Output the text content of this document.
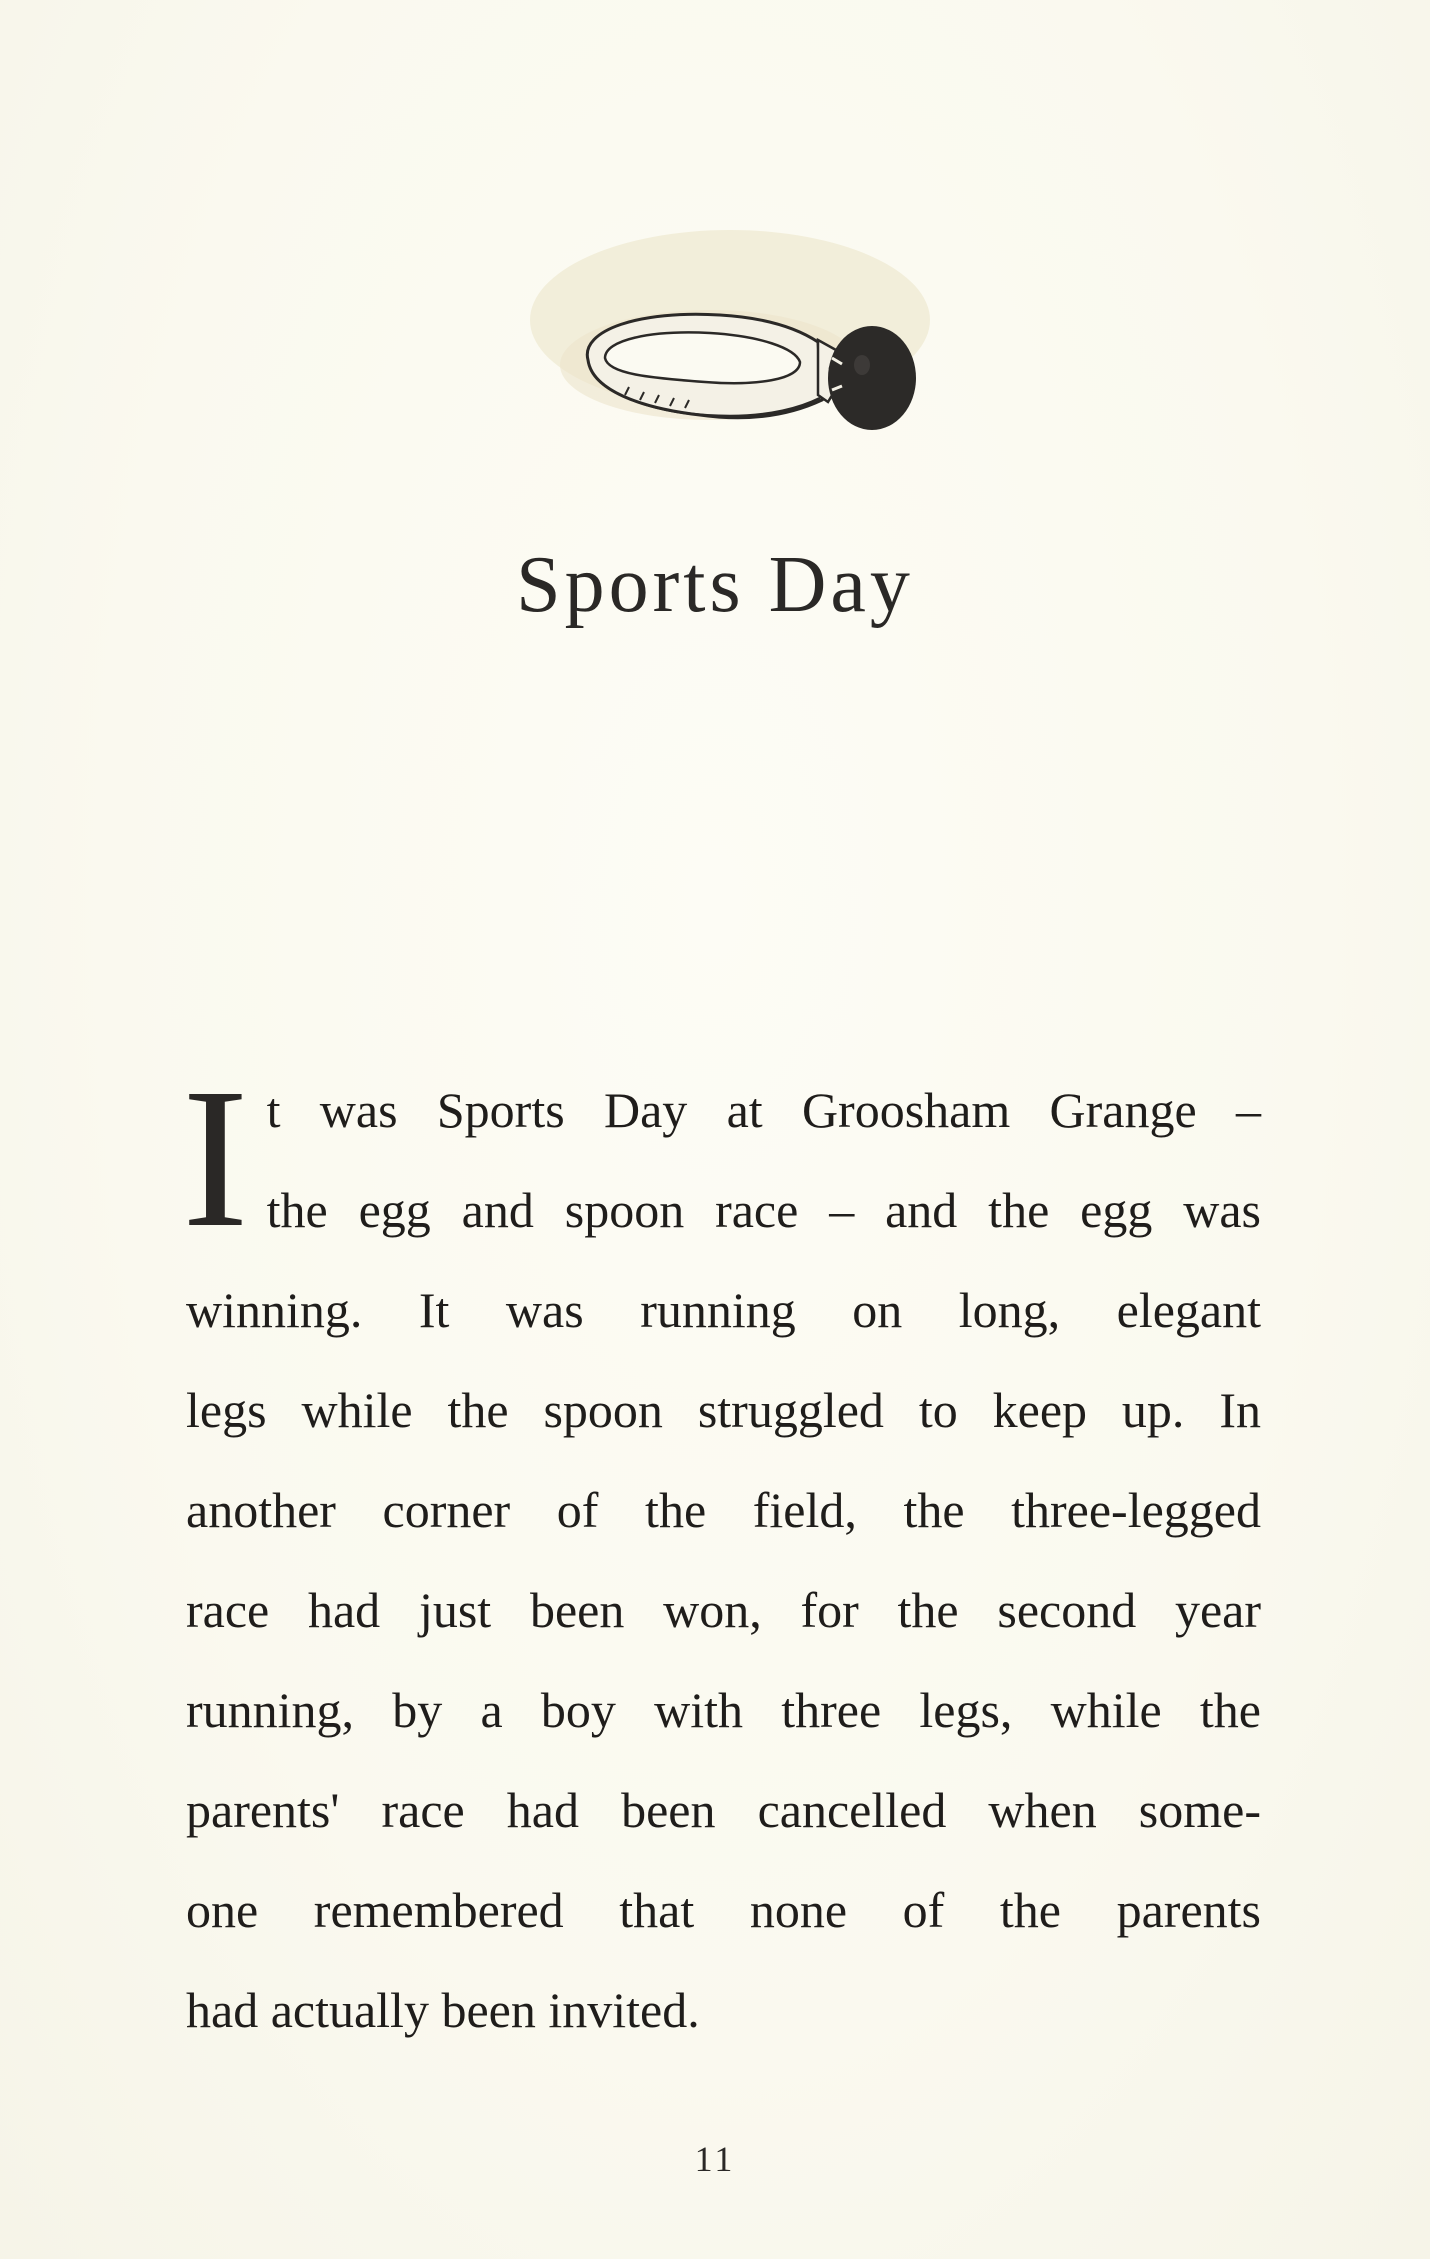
Sports Day
I t was Sports Day at Groosham Grange –
the egg and spoon race – and the egg was
winning. It was running on long, elegant
legs while the spoon struggled to keep up. In
another corner of the field, the three-legged
race had just been won, for the second year
running, by a boy with three legs, while the
parents' race had been cancelled when some-
one remembered that none of the parents
had actually been invited.
11
